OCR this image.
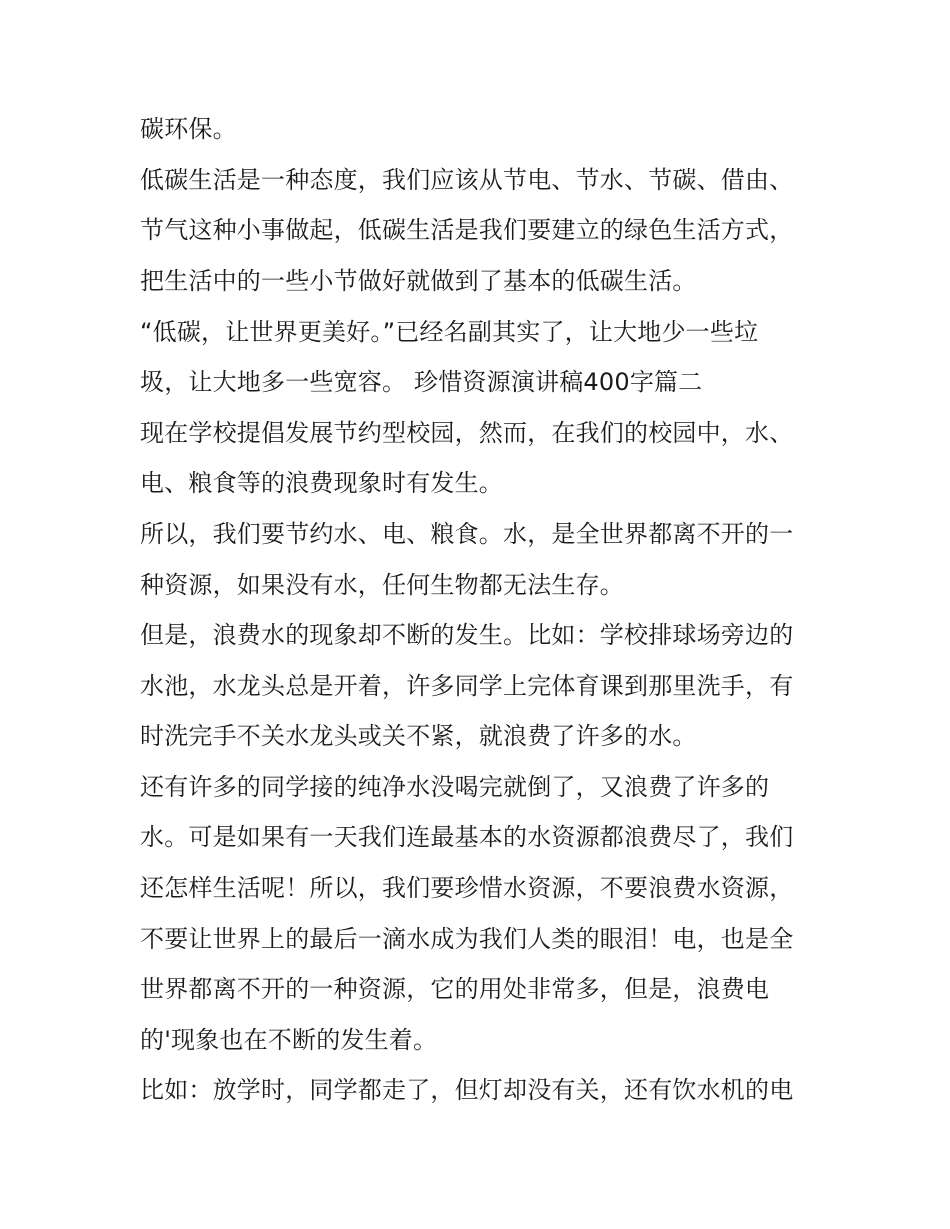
碳环保。
低碳生活是一种态度，我们应该从节电、节水、节碳、借由、
节气这种小事做起，低碳生活是我们要建立的绿色生活方式，
把生活中的一些小节做好就做到了基本的低碳生活。
“低碳，让世界更美好。”已经名副其实了，让大地少一些垃
圾，让大地多一些宽容。 珍惜资源演讲稿400字篇二
现在学校提倡发展节约型校园，然而，在我们的校园中，水、
电、粮食等的浪费现象时有发生。
所以，我们要节约水、电、粮食。水，是全世界都离不开的一
种资源，如果没有水，任何生物都无法生存。
但是，浪费水的现象却不断的发生。比如：学校排球场旁边的
水池，水龙头总是开着，许多同学上完体育课到那里洗手，有
时洗完手不关水龙头或关不紧，就浪费了许多的水。
还有许多的同学接的纯净水没喝完就倒了，又浪费了许多的
水。可是如果有一天我们连最基本的水资源都浪费尽了，我们
还怎样生活呢！所以，我们要珍惜水资源，不要浪费水资源，
不要让世界上的最后一滴水成为我们人类的眼泪！电，也是全
世界都离不开的一种资源，它的用处非常多，但是，浪费电
的'现象也在不断的发生着。
比如：放学时，同学都走了，但灯却没有关，还有饮水机的电
